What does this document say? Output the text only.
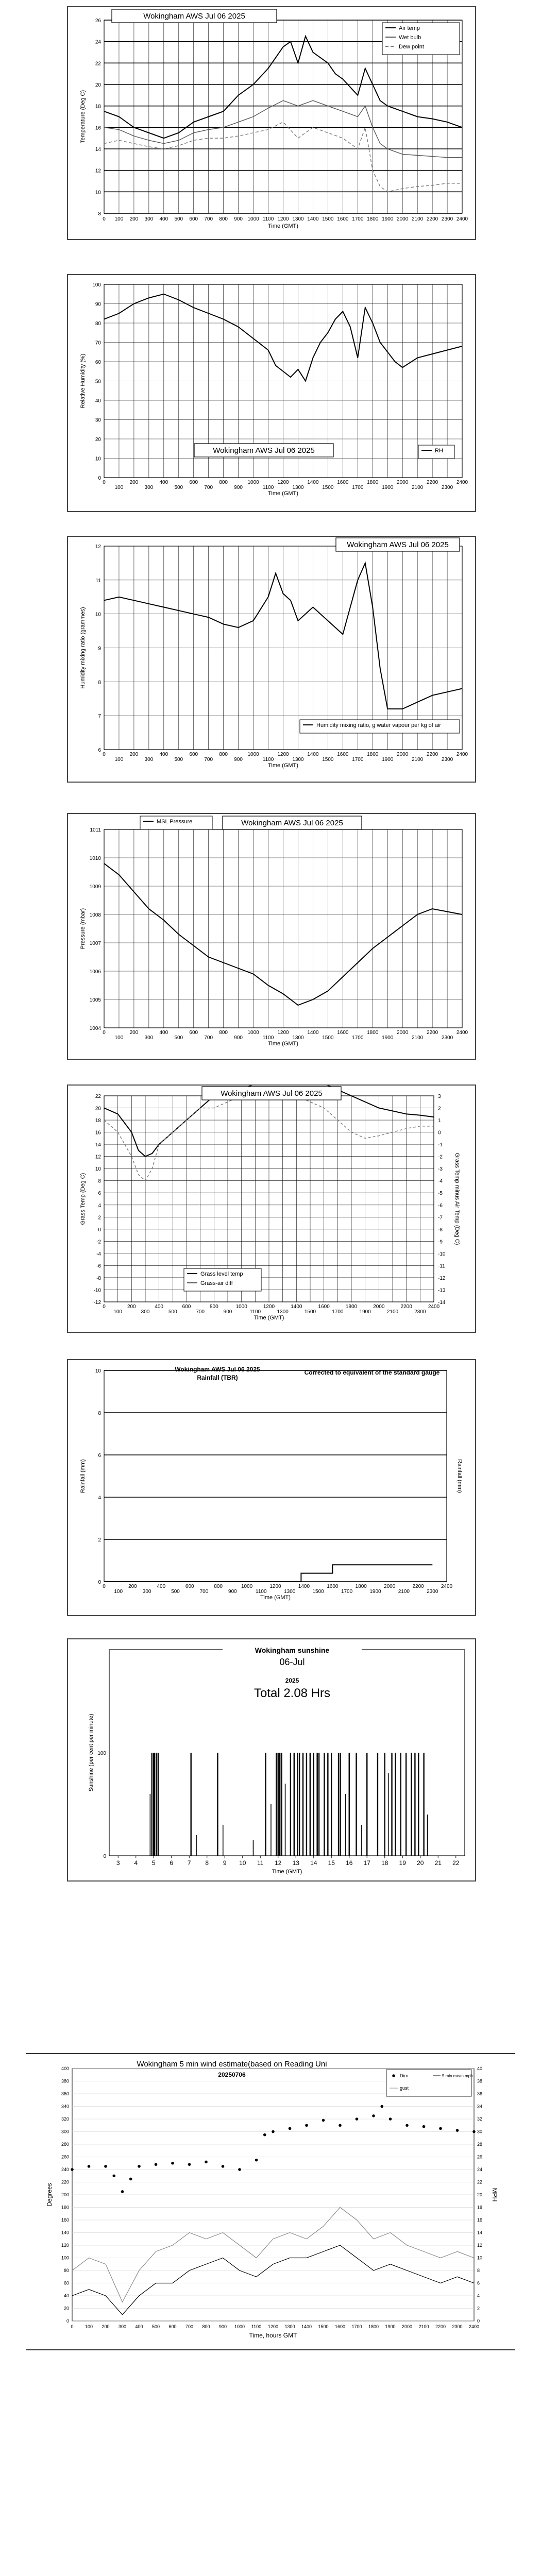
8
10
12
14
16
18
20
22
24
26
0 100 200 300 400 500 600 700 800 900 1000 1100 1200 1300 1400 1500 1600 1700 1800 1900 2000 2100 2200 2300 2400
Time (GMT)
Temperature (Deg C)
Wokingham AWS Jul 06 2025
Air temp
Wet bulb
Dew point
0
10
20
30
40
50
60
70
80
90
100
0
100
200
300
400
500
600
700
800
900
1000
1100
1200
1300
1400
1500
1600
1700
1800
1900
2000
2100
2200
2300
2400
Time (GMT)
Relative Humidity (%)
Wokingham AWS Jul 06 2025	RH
6
7
8
9
10
11
12
0
100
200
300
400
500
600
700
800
900
1000
1100
1200
1300
1400
1500
1600
1700
1800
1900
2000
2100
2200
2300
2400
Time (GMT)
Humidity mixing ratio (grammes)
Wokingham AWS Jul 06 2025
Humidity mixing ratio, g water vapour per kg of air
1004
1005
1006
1007
1008
1009
1010
1011
0
100
200
300
400
500
600
700
800
900
1000
1100
1200
1300
1400
1500
1600
1700
1800
1900
2000
2100
2200
2300
2400
Time (GMT)
Pressure (mbar)
Wokingham AWS Jul 06 2025
MSL Pressure
-12
-10
-8
-6
-4
-2
0
2
4
6
8
10
12
14
16
18
20
22
0
100
200
300
400
500
600
700
800
900
1000
1100
1200
1300
1400
1500
1600
1700
1800
1900
2000
2100
2200
2300
2400
Time (GMT)
Grass Temp (Deg C)
3
2
1
0
-1
-2
-3
-4
-5
-6
-7
-8
-9
-10
-11
-12
-13
-14
Grass Temp minus Air Temp (Deg C)
Wokingham AWS Jul 06 2025
Grass level temp
Grass-air diff
0
2
4
6
8
10
0
100
200
300
400
500
600
700
800
900
1000
1100
1200
1300
1400
1500
1600
1700
1800
1900
2000
2100
2200
2300
2400
Time (GMT)
Rainfall (mm)
Wokingham AWS Jul 06 2025
Rainfall (TBR)
Corrected to equivalent of the standard gauge
Rainfall (mm)
0
100
3 4 5 6 7 8 9 10 11 12 13 14 15 16 17 18 19 20 21 22
Time (GMT)
Sunshine (per cent per minute)
Wokingham sunshine
06-Jul
2025
Total 2.08 Hrs
0
20
40
60
80
100
120
140
160
180
200
220
240
260
280
300
320
340
360
380
400
0
2
4
6
8
10
12
14
16
18
20
22
24
26
28
30
32
34
36
38
40
0 100 200 300 400 500 600 700 800 900 1000 1100 1200 1300 1400 1500 1600 1700 1800 1900 2000 2100 2200 2300 2400
Time, hours GMT
Degrees	MPH
Wokingham 5 min wind estimate(based on Reading Uni
20250706	Dirn	5 min mean mph
gust
